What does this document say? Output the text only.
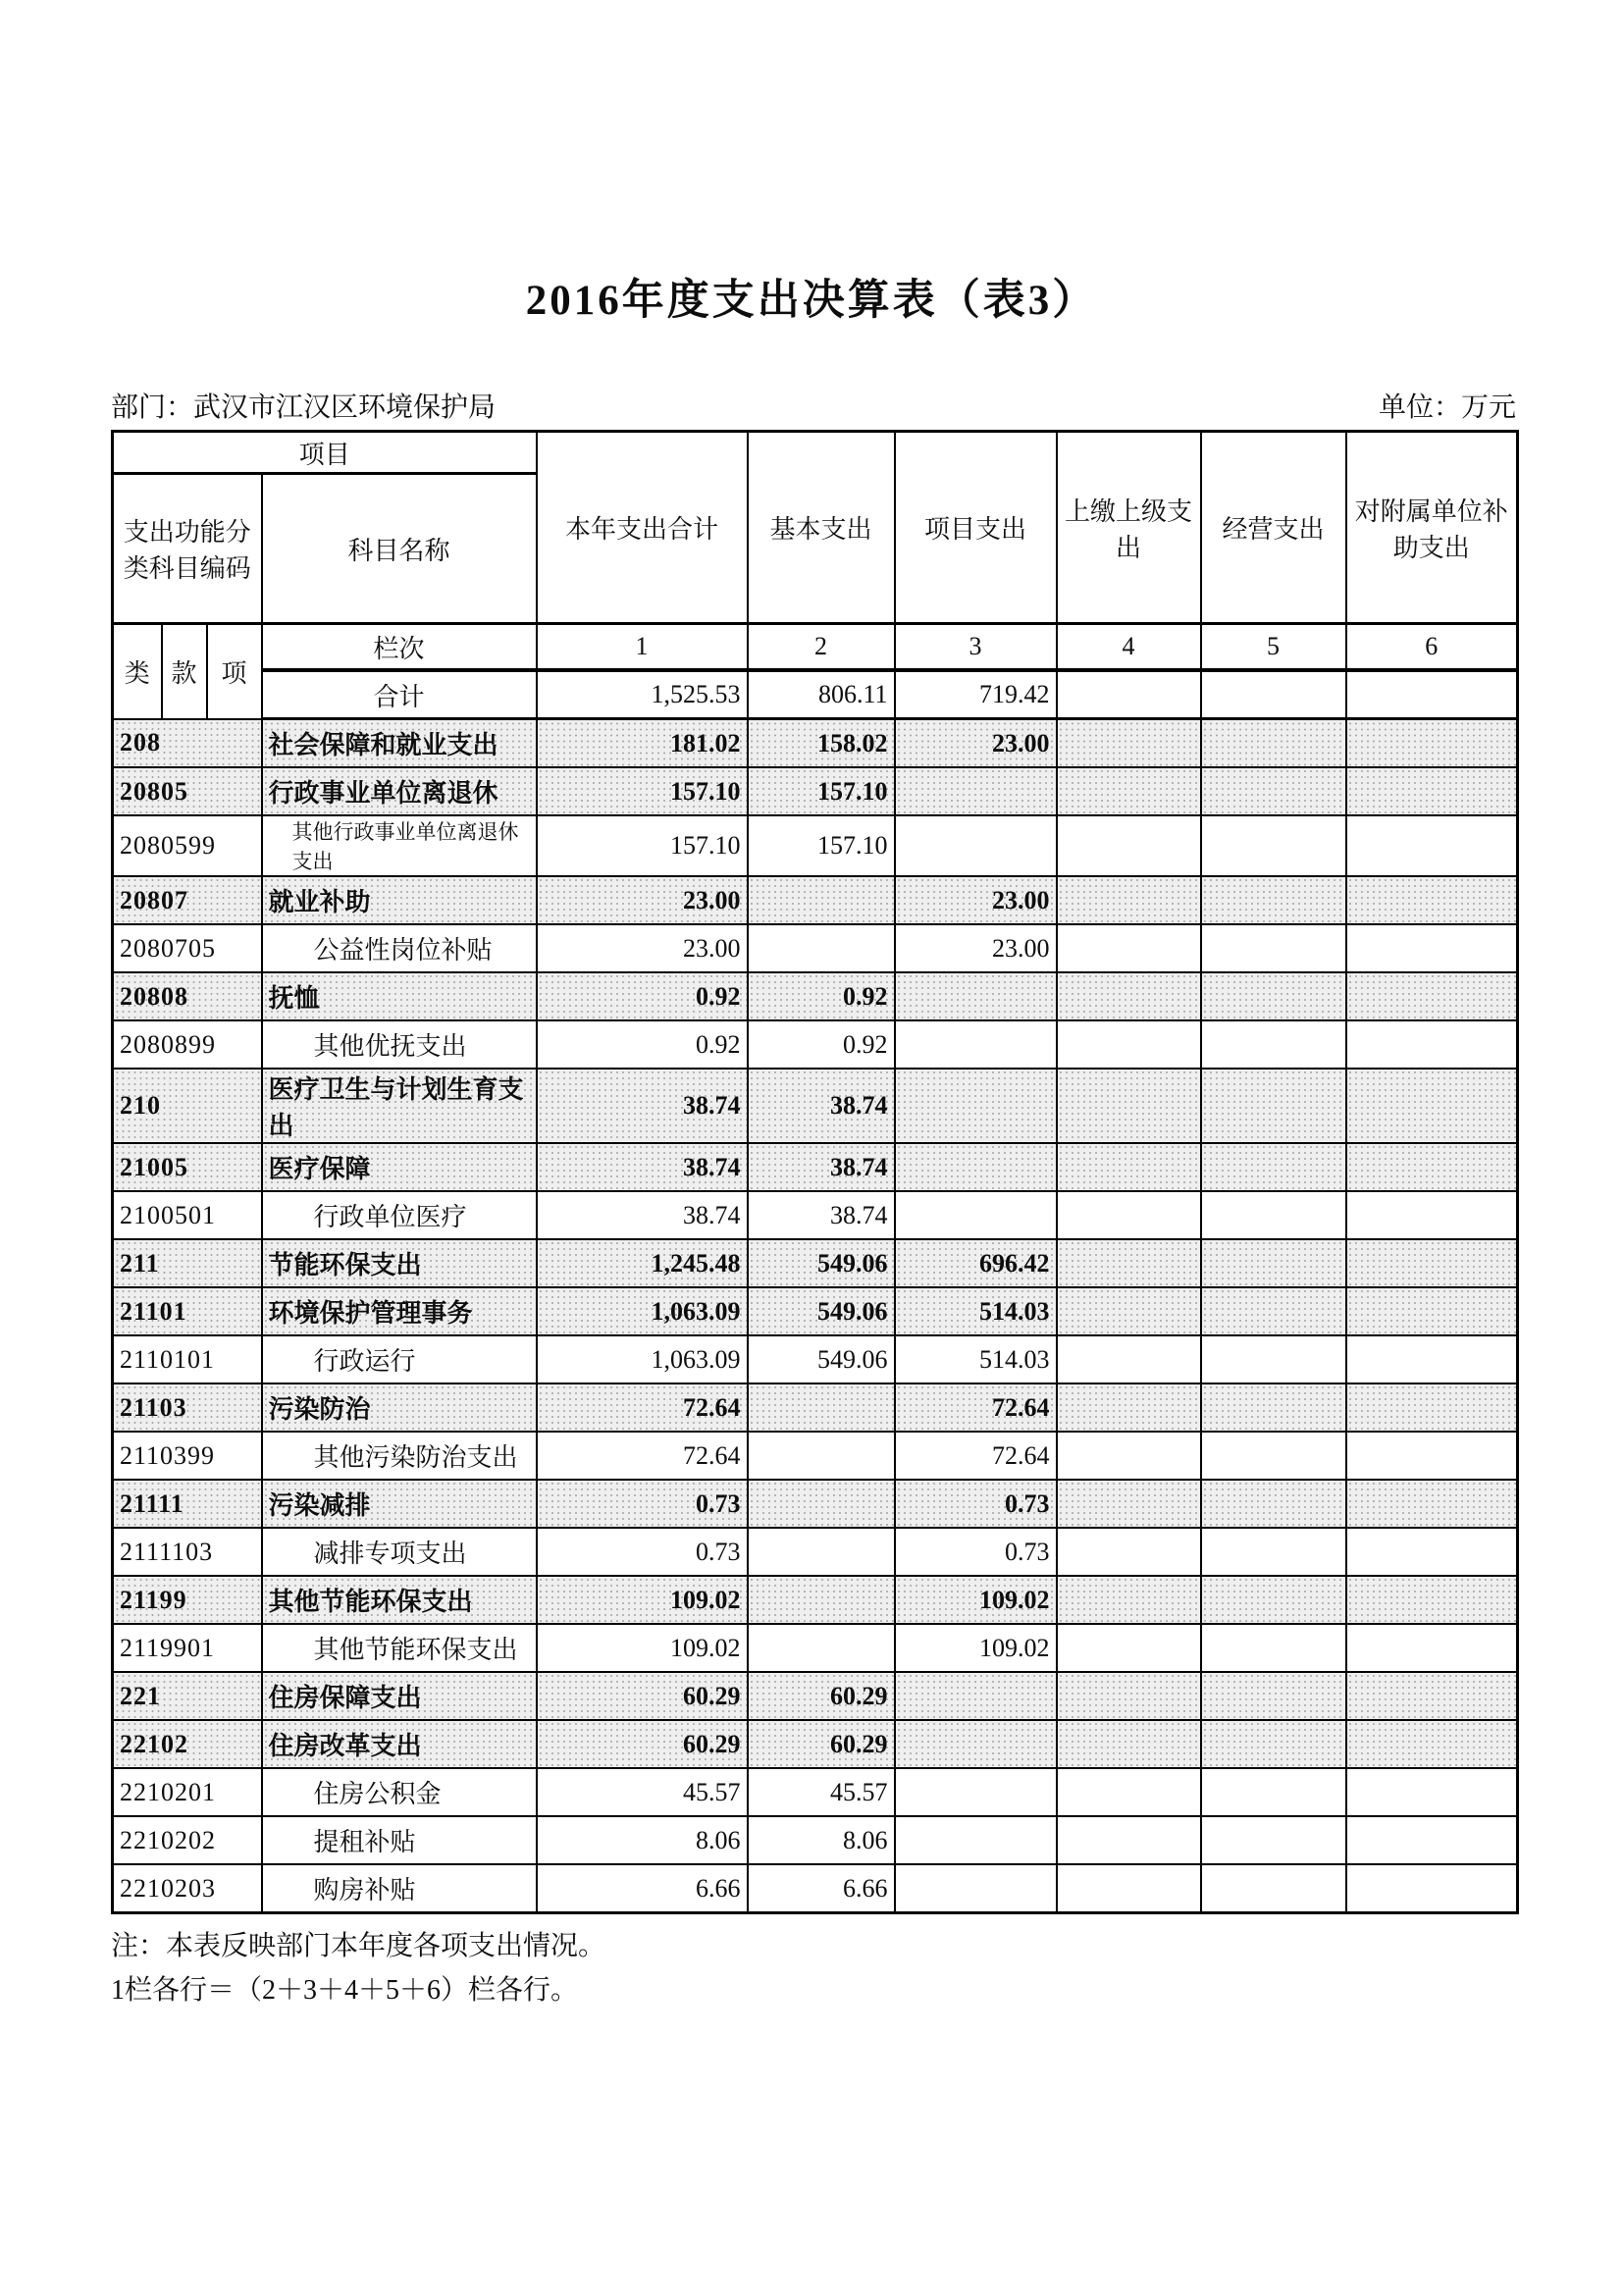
2016年度支出决算表（表3）
部门：武汉市江汉区环境保护局	单位：万元
项目				本年支出合计	基本支出	项目支出	上缴上级支出	经营支出	对附属单位补助支出
支出功能分类科目编码			科目名称						
类	款	项	栏次	1	2	3	4	5	6
			合计	1,525.53	806.11	719.42			
208			社会保障和就业支出	181.02	158.02	23.00			
20805			行政事业单位离退休	157.10	157.10				
2080599			其他行政事业单位离退休支出	157.10	157.10				
20807			就业补助	23.00		23.00			
2080705			公益性岗位补贴	23.00		23.00			
20808			抚恤	0.92	0.92				
2080899			其他优抚支出	0.92	0.92				
210			医疗卫生与计划生育支出	38.74	38.74				
21005			医疗保障	38.74	38.74				
2100501			行政单位医疗	38.74	38.74				
211			节能环保支出	1,245.48	549.06	696.42			
21101			环境保护管理事务	1,063.09	549.06	514.03			
2110101			行政运行	1,063.09	549.06	514.03			
21103			污染防治	72.64		72.64			
2110399			其他污染防治支出	72.64		72.64			
21111			污染减排	0.73		0.73			
2111103			减排专项支出	0.73		0.73			
21199			其他节能环保支出	109.02		109.02			
2119901			其他节能环保支出	109.02		109.02			
221			住房保障支出	60.29	60.29				
22102			住房改革支出	60.29	60.29				
2210201			住房公积金	45.57	45.57				
2210202			提租补贴	8.06	8.06				
2210203			购房补贴	6.66	6.66				

注：本表反映部门本年度各项支出情况。

1栏各行＝（2＋3＋4＋5＋6）栏各行。
